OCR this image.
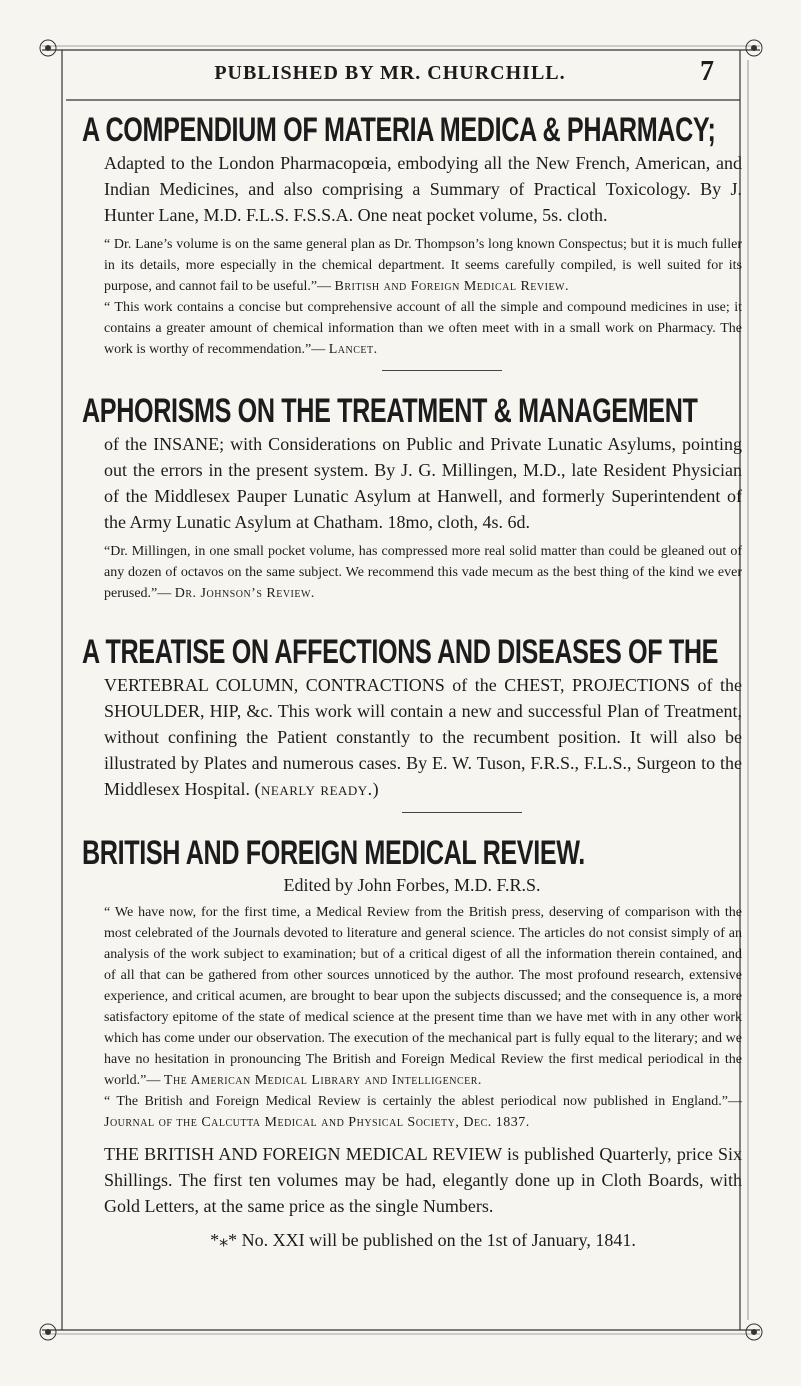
PUBLISHED BY MR. CHURCHILL.	7
A COMPENDIUM OF MATERIA MEDICA & PHARMACY;
Adapted to the London Pharmacopœia, embodying all the New French, American, and Indian Medicines, and also comprising a Summary of Practical Toxicology. By J. Hunter Lane, M.D. F.L.S. F.S.S.A. One neat pocket volume, 5s. cloth.
“ Dr. Lane’s volume is on the same general plan as Dr. Thompson’s long known Conspectus; but it is much fuller in its details, more especially in the chemical department. It seems carefully compiled, is well suited for its purpose, and cannot fail to be useful.”— British and Foreign Medical Review.
“ This work contains a concise but comprehensive account of all the simple and compound medicines in use; it contains a greater amount of chemical information than we often meet with in a small work on Pharmacy. The work is worthy of recommendation.”— Lancet.
APHORISMS ON THE TREATMENT & MANAGEMENT
of the INSANE; with Considerations on Public and Private Lunatic Asylums, pointing out the errors in the present system. By J. G. Millingen, M.D., late Resident Physician of the Middlesex Pauper Lunatic Asylum at Hanwell, and formerly Superintendent of the Army Lunatic Asylum at Chatham. 18mo, cloth, 4s. 6d.
“Dr. Millingen, in one small pocket volume, has compressed more real solid matter than could be gleaned out of any dozen of octavos on the same subject. We recommend this vade mecum as the best thing of the kind we ever perused.”— Dr. Johnson’s Review.
A TREATISE ON AFFECTIONS AND DISEASES OF THE
VERTEBRAL COLUMN, CONTRACTIONS of the CHEST, PROJECTIONS of the SHOULDER, HIP, &c. This work will contain a new and successful Plan of Treatment, without confining the Patient constantly to the recumbent position. It will also be illustrated by Plates and numerous cases. By E. W. Tuson, F.R.S., F.L.S., Surgeon to the Middlesex Hospital. (nearly ready.)
BRITISH AND FOREIGN MEDICAL REVIEW.
Edited by John Forbes, M.D. F.R.S.
“ We have now, for the first time, a Medical Review from the British press, deserving of comparison with the most celebrated of the Journals devoted to literature and general science. The articles do not consist simply of an analysis of the work subject to examination; but of a critical digest of all the information therein contained, and of all that can be gathered from other sources unnoticed by the author. The most profound research, extensive experience, and critical acumen, are brought to bear upon the subjects discussed; and the consequence is, a more satisfactory epitome of the state of medical science at the present time than we have met with in any other work which has come under our observation. The execution of the mechanical part is fully equal to the literary; and we have no hesitation in pronouncing The British and Foreign Medical Review the first medical periodical in the world.”— The American Medical Library and Intelligencer.
“ The British and Foreign Medical Review is certainly the ablest periodical now published in England.”— Journal of the Calcutta Medical and Physical Society, Dec. 1837.
THE BRITISH AND FOREIGN MEDICAL REVIEW is published Quarterly, price Six Shillings. The first ten volumes may be had, elegantly done up in Cloth Boards, with Gold Letters, at the same price as the single Numbers.
*⁎* No. XXI will be published on the 1st of January, 1841.
